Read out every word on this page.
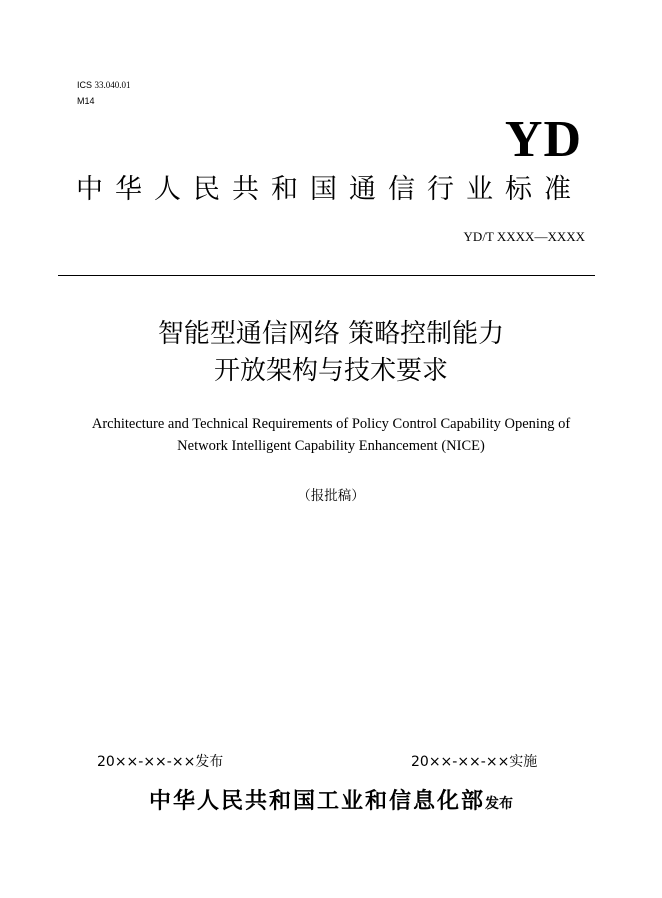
ICS 33.040.01
M14
YD
中华人民共和国通信行业标准
YD/T XXXX—XXXX
智能型通信网络 策略控制能力
开放架构与技术要求
Architecture and Technical Requirements of Policy Control Capability Opening of
Network Intelligent Capability Enhancement (NICE)
（报批稿）
20××-××-××发布	20××-××-××实施
中华人民共和国工业和信息化部发布
